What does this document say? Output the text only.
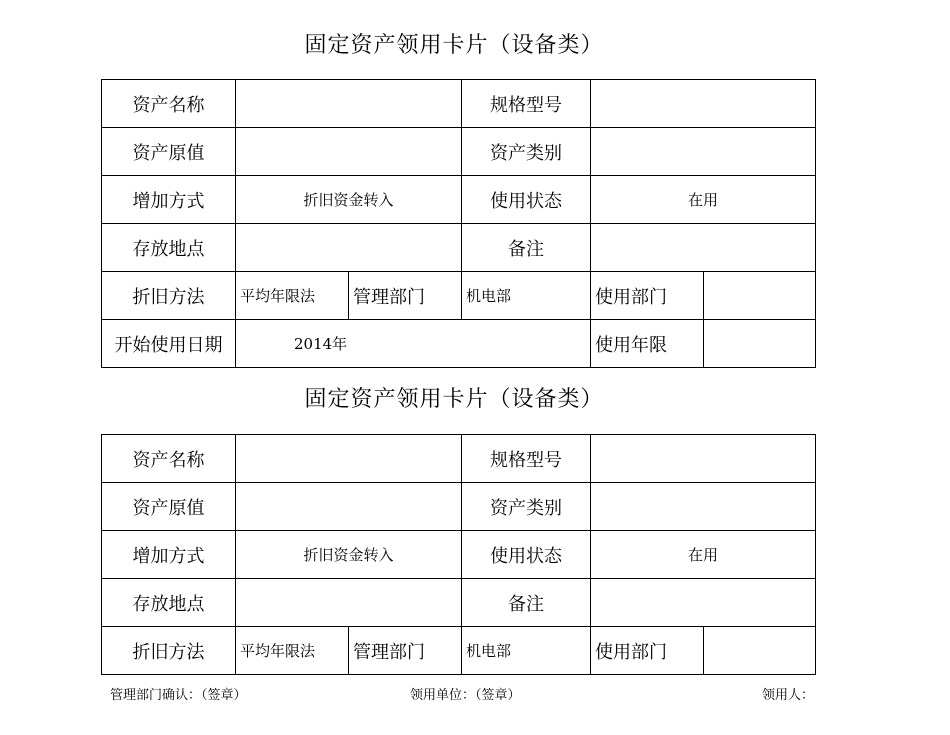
固定资产领用卡片（设备类）
资产名称			规格型号		
资产原值			资产类别		
增加方式	折旧资金转入		使用状态	在用	
存放地点			备注		
折旧方法	平均年限法	管理部门	机电部	使用部门	
开始使用日期	2014年			使用年限	
固定资产领用卡片（设备类）
资产名称			规格型号		
资产原值			资产类别		
增加方式	折旧资金转入		使用状态	在用	
存放地点			备注		
折旧方法	平均年限法	管理部门	机电部	使用部门	
管理部门确认：（签章）	领用单位：（签章）	领用人：
